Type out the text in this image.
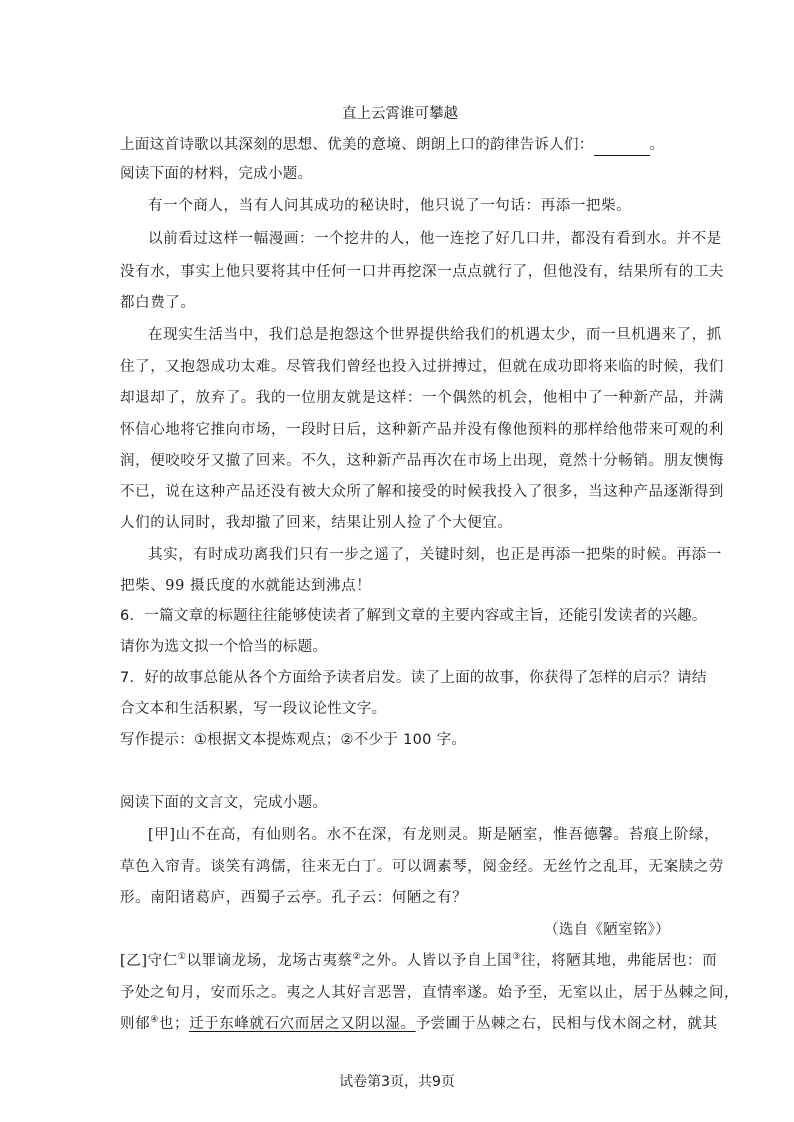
直上云霄谁可攀越
上面这首诗歌以其深刻的思想、优美的意境、朗朗上口的韵律告诉人们：	。
阅读下面的材料，完成小题。
有一个商人，当有人问其成功的秘诀时，他只说了一句话：再添一把柴。
以前看过这样一幅漫画：一个挖井的人，他一连挖了好几口井，都没有看到水。并不是
没有水，事实上他只要将其中任何一口井再挖深一点点就行了，但他没有，结果所有的工夫
都白费了。
在现实生活当中，我们总是抱怨这个世界提供给我们的机遇太少，而一旦机遇来了，抓
住了，又抱怨成功太难。尽管我们曾经也投入过拼搏过，但就在成功即将来临的时候，我们
却退却了，放弃了。我的一位朋友就是这样：一个偶然的机会，他相中了一种新产品，并满
怀信心地将它推向市场，一段时日后，这种新产品并没有像他预料的那样给他带来可观的利
润，便咬咬牙又撤了回来。不久，这种新产品再次在市场上出现，竟然十分畅销。朋友懊悔
不已，说在这种产品还没有被大众所了解和接受的时候我投入了很多，当这种产品逐渐得到
人们的认同时，我却撤了回来，结果让别人捡了个大便宜。
其实，有时成功离我们只有一步之遥了，关键时刻，也正是再添一把柴的时候。再添一
把柴、99 摄氏度的水就能达到沸点！
6．一篇文章的标题往往能够使读者了解到文章的主要内容或主旨，还能引发读者的兴趣。
请你为选文拟一个恰当的标题。
7．好的故事总能从各个方面给予读者启发。读了上面的故事，你获得了怎样的启示？请结
合文本和生活积累，写一段议论性文字。
写作提示：①根据文本提炼观点；②不少于 100 字。
阅读下面的文言文，完成小题。
[甲]山不在高，有仙则名。水不在深，有龙则灵。斯是陋室，惟吾德馨。苔痕上阶绿，
草色入帘青。谈笑有鸿儒，往来无白丁。可以调素琴，阅金经。无丝竹之乱耳，无案牍之劳
形。南阳诸葛庐，西蜀子云亭。孔子云：何陋之有？
（选自《陋室铭》）
[乙]守仁①以罪谪龙场，龙场古夷蔡②之外。人皆以予自上国③往，将陋其地，弗能居也：而
予处之旬月，安而乐之。夷之人其好言恶詈，直情率遂。始予至，无室以止，居于丛棘之间，
则郁④也；迁于东峰就石穴而居之又阴以湿。予尝圃于丛棘之右，民相与伐木阁之材，就其
试卷第3页，共9页
